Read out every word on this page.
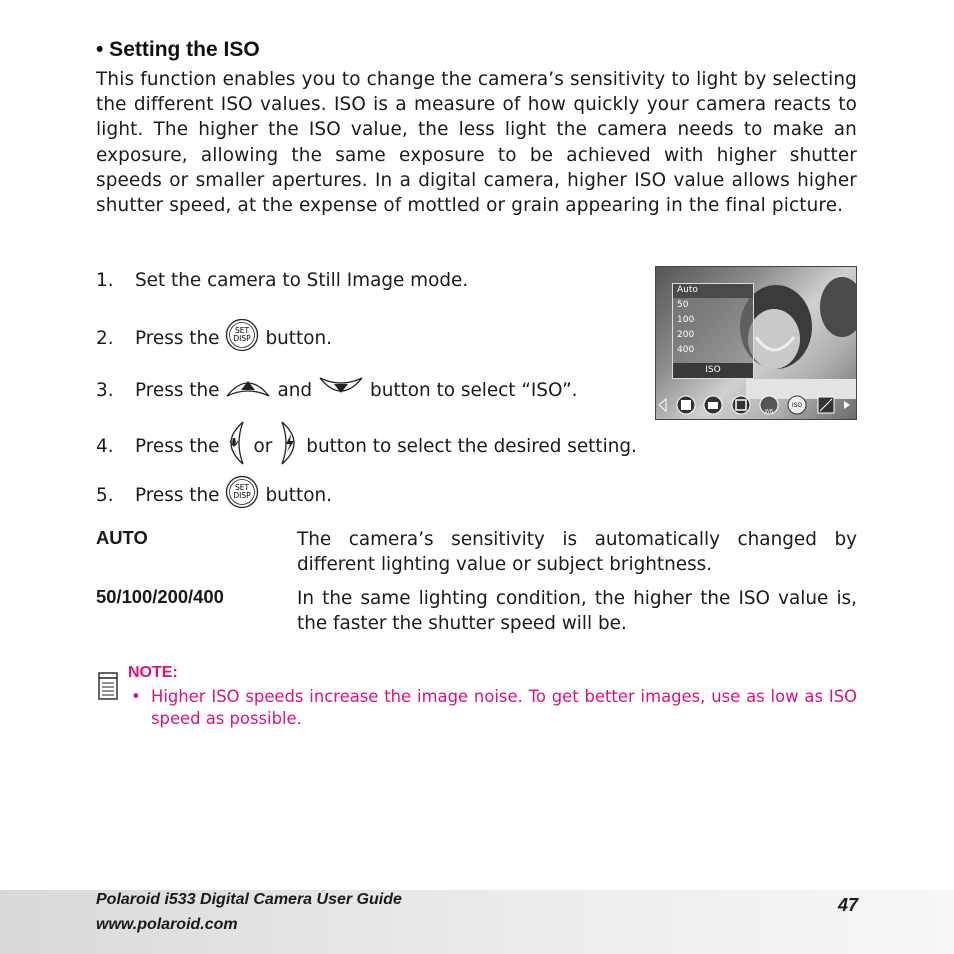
• Setting the ISO
This function enables you to change the camera’s sensitivity to light by selecting the different ISO values. ISO is a measure of how quickly your camera reacts to light. The higher the ISO value, the less light the camera needs to make an exposure, allowing the same exposure to be achieved with higher shutter speeds or smaller apertures. In a digital camera, higher ISO value allows higher shutter speed, at the expense of mottled or grain appearing in the final picture.
1.	Set the camera to Still Image mode.
2.	Press the SET
DISP button.
3.	Press the	and	button to select “ISO”.
4.	Press the or button to select the desired setting.
5.	Press the SET
DISP button.
Auto
50
100
200
400
ISO
WB
ISO
AUTO	The camera’s sensitivity is automatically changed by different lighting value or subject brightness.
50/100/200/400	In the same lighting condition, the higher the ISO value is, the faster the shutter speed will be.
NOTE:
• Higher ISO speeds increase the image noise. To get better images, use as low as ISO speed as possible.
Polaroid i533 Digital Camera User Guide
www.polaroid.com
47
